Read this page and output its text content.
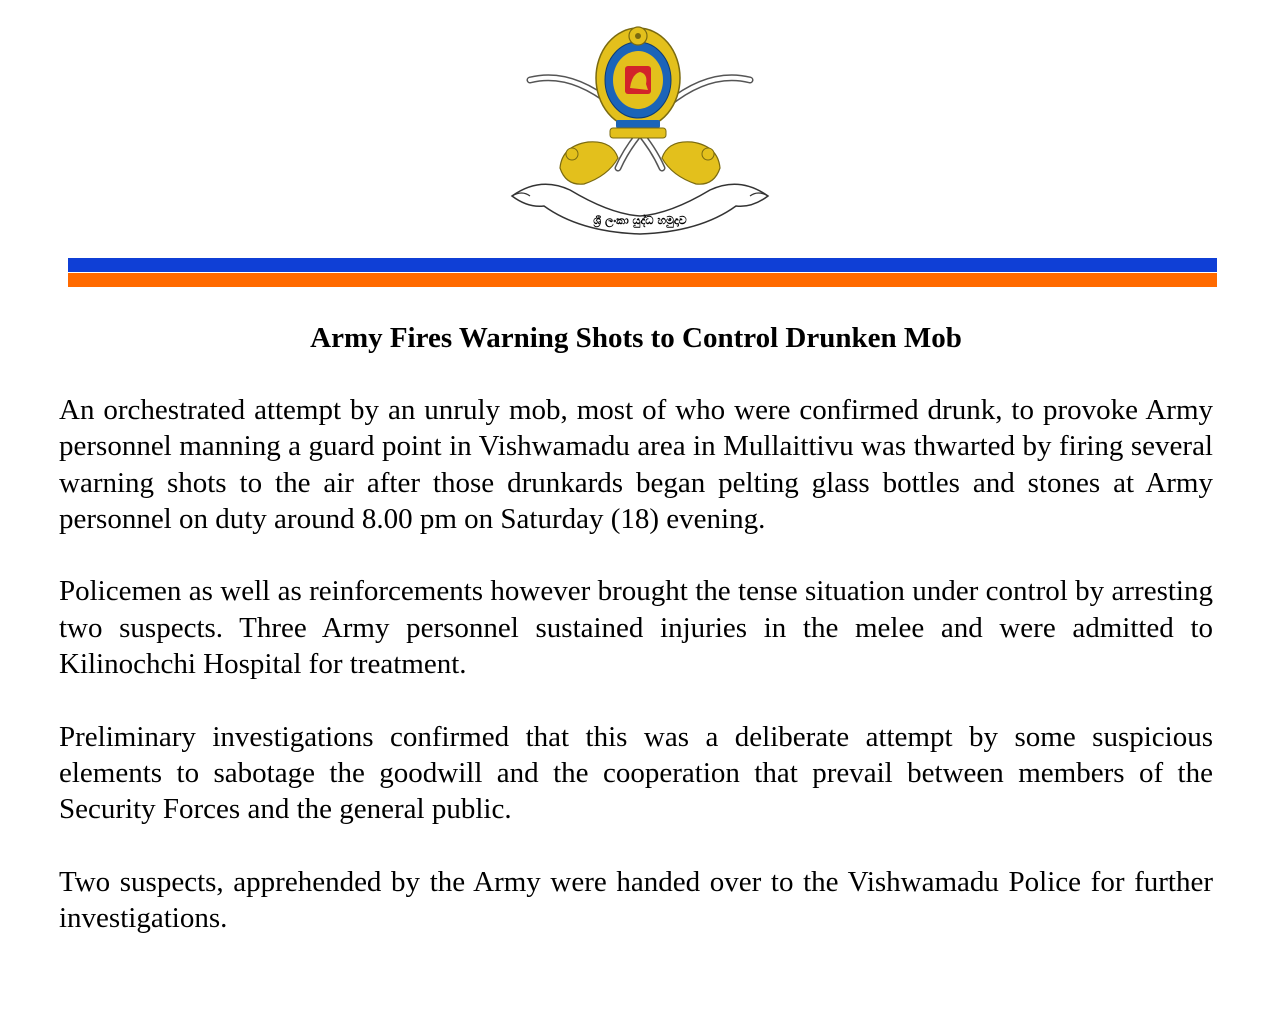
ශ්‍රී ලංකා යුද්ධ හමුදාව
Army Fires Warning Shots to Control Drunken Mob

An orchestrated attempt by an unruly mob, most of who were confirmed drunk, to provoke Army personnel manning a guard point in Vishwamadu area in Mullaittivu was thwarted by firing several warning shots to the air after those drunkards began pelting glass bottles and stones at Army personnel on duty around 8.00 pm on Saturday (18) evening.

Policemen as well as reinforcements however brought the tense situation under control by arresting two suspects. Three Army personnel sustained injuries in the melee and were admitted to Kilinochchi Hospital for treatment.

Preliminary investigations confirmed that this was a deliberate attempt by some suspicious elements to sabotage the goodwill and the cooperation that prevail between members of the Security Forces and the general public.

Two suspects, apprehended by the Army were handed over to the Vishwamadu Police for further investigations.
